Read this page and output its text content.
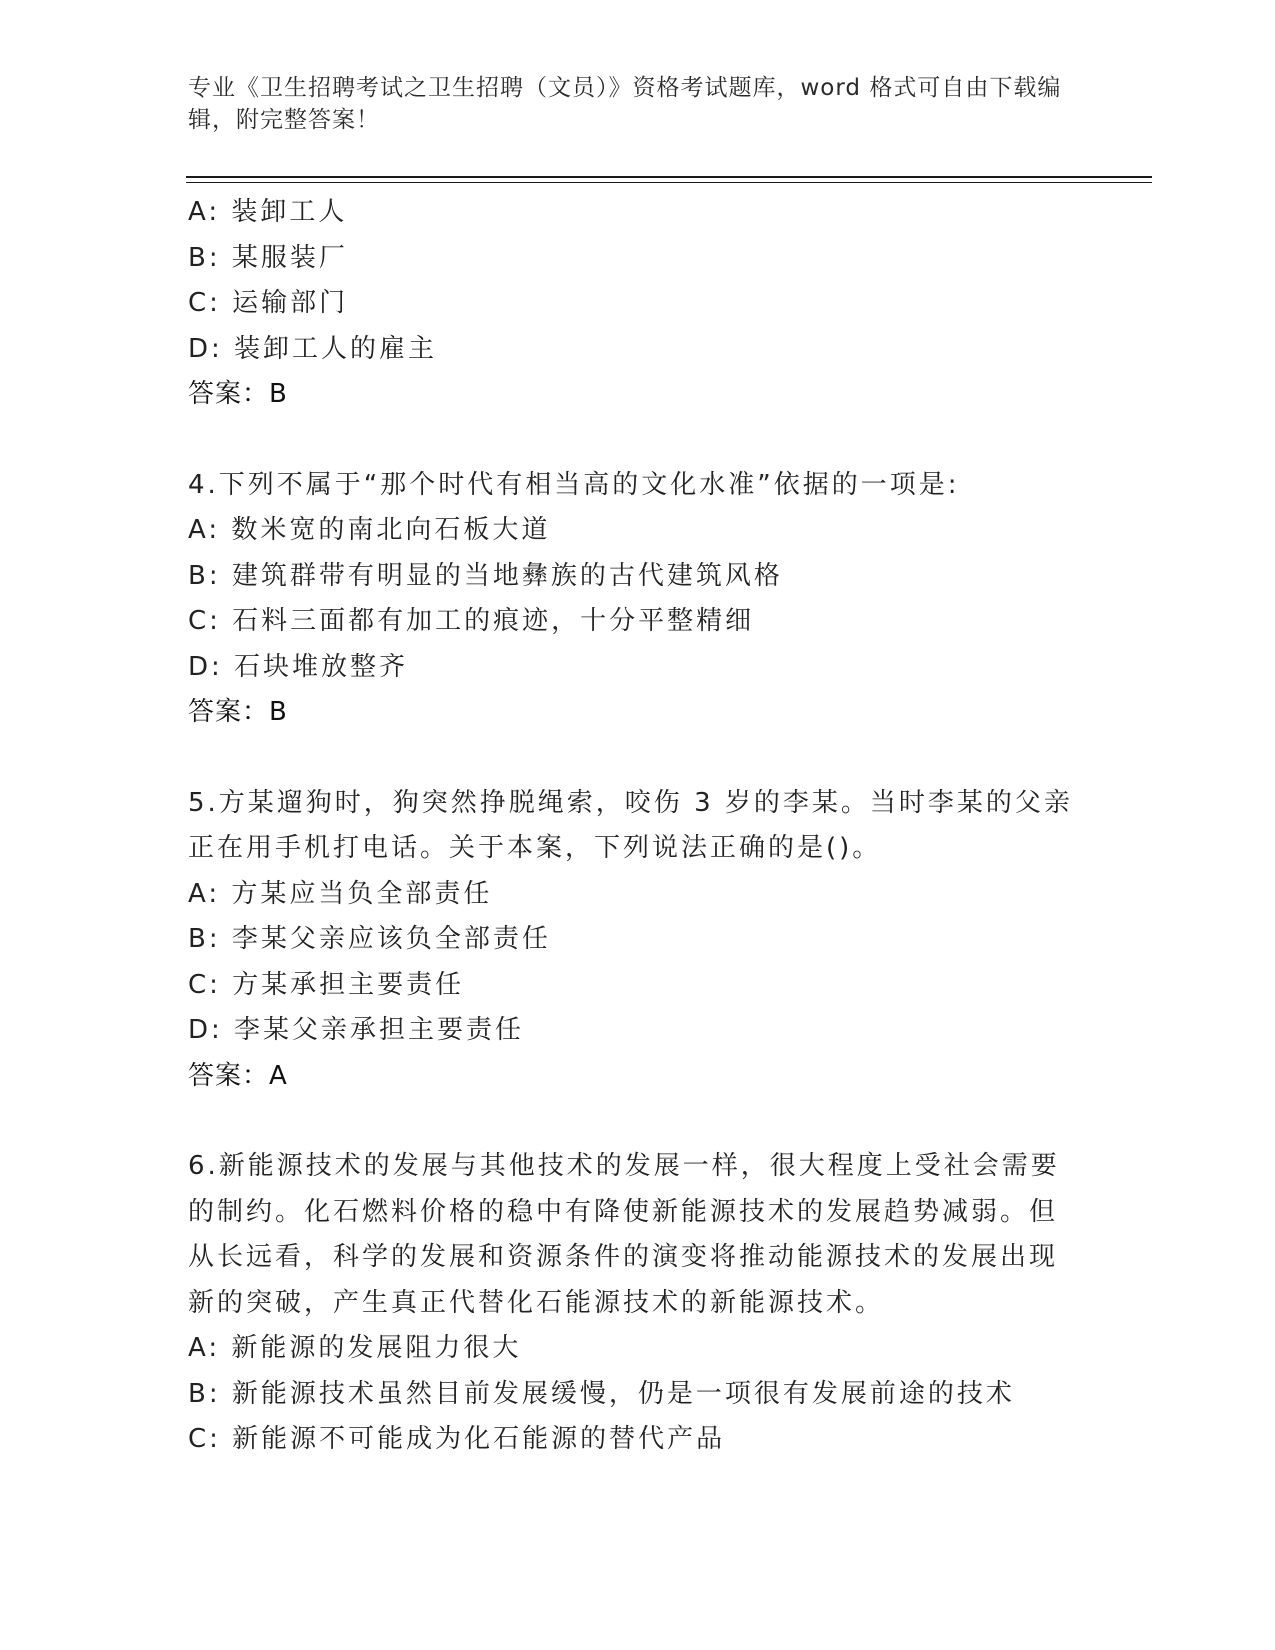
专业《卫生招聘考试之卫生招聘（文员）》资格考试题库，word 格式可自由下载编辑，附完整答案！
A: 装卸工人
B: 某服装厂
C: 运输部门
D: 装卸工人的雇主
答案：B
4.下列不属于“那个时代有相当高的文化水准”依据的一项是:
A: 数米宽的南北向石板大道
B: 建筑群带有明显的当地彝族的古代建筑风格
C: 石料三面都有加工的痕迹，十分平整精细
D: 石块堆放整齐
答案：B
5.方某遛狗时，狗突然挣脱绳索，咬伤 3 岁的李某。当时李某的父亲正在用手机打电话。关于本案，下列说法正确的是()。
A: 方某应当负全部责任
B: 李某父亲应该负全部责任
C: 方某承担主要责任
D: 李某父亲承担主要责任
答案：A
6.新能源技术的发展与其他技术的发展一样，很大程度上受社会需要的制约。化石燃料价格的稳中有降使新能源技术的发展趋势减弱。但从长远看，科学的发展和资源条件的演变将推动能源技术的发展出现新的突破，产生真正代替化石能源技术的新能源技术。
A: 新能源的发展阻力很大
B: 新能源技术虽然目前发展缓慢，仍是一项很有发展前途的技术
C: 新能源不可能成为化石能源的替代产品
